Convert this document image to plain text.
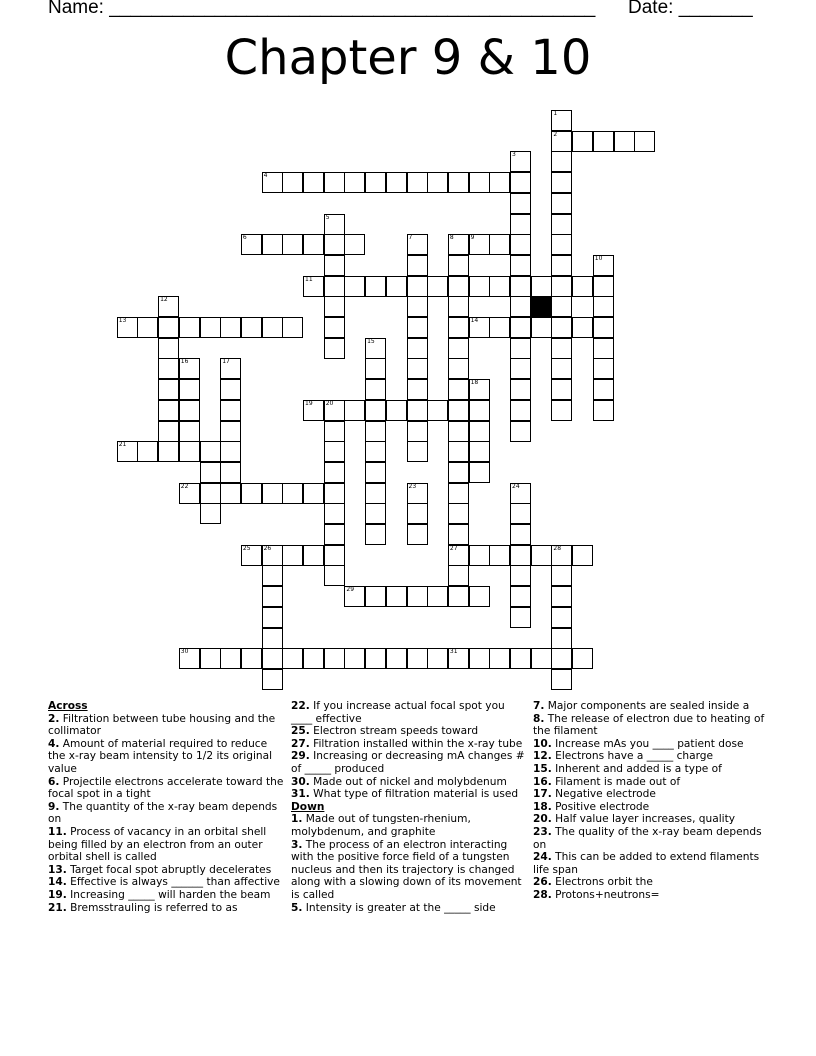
Name: ______________________________________________ Date: _______
Chapter 9 & 10
1
2
3
4
5
6	7	8	9
10
11
12
13	14
15
16	17
18
19 20
21
22	23	24
25 26	27	28
29
30	31
Across
2. Filtration between tube housing and the collimator
4. Amount of material required to reduce the x-ray beam intensity to 1/2 its original value
6. Projectile electrons accelerate toward the focal spot in a tight
9. The quantity of the x-ray beam depends on
11. Process of vacancy in an orbital shell being filled by an electron from an outer orbital shell is called
13. Target focal spot abruptly decelerates
14. Effective is always ______ than affective
19. Increasing _____ will harden the beam
21. Bremsstrauling is referred to as
22. If you increase actual focal spot you ____ effective
25. Electron stream speeds toward
27. Filtration installed within the x-ray tube
29. Increasing or decreasing mA changes # of _____ produced
30. Made out of nickel and molybdenum
31. What type of filtration material is used
Down
1. Made out of tungsten-rhenium, molybdenum, and graphite
3. The process of an electron interacting with the positive force field of a tungsten nucleus and then its trajectory is changed along with a slowing down of its movement is called
5. Intensity is greater at the _____ side
7. Major components are sealed inside a
8. The release of electron due to heating of the filament
10. Increase mAs you ____ patient dose
12. Electrons have a _____ charge
15. Inherent and added is a type of
16. Filament is made out of
17. Negative electrode
18. Positive electrode
20. Half value layer increases, quality
23. The quality of the x-ray beam depends on
24. This can be added to extend filaments life span
26. Electrons orbit the
28. Protons+neutrons=
